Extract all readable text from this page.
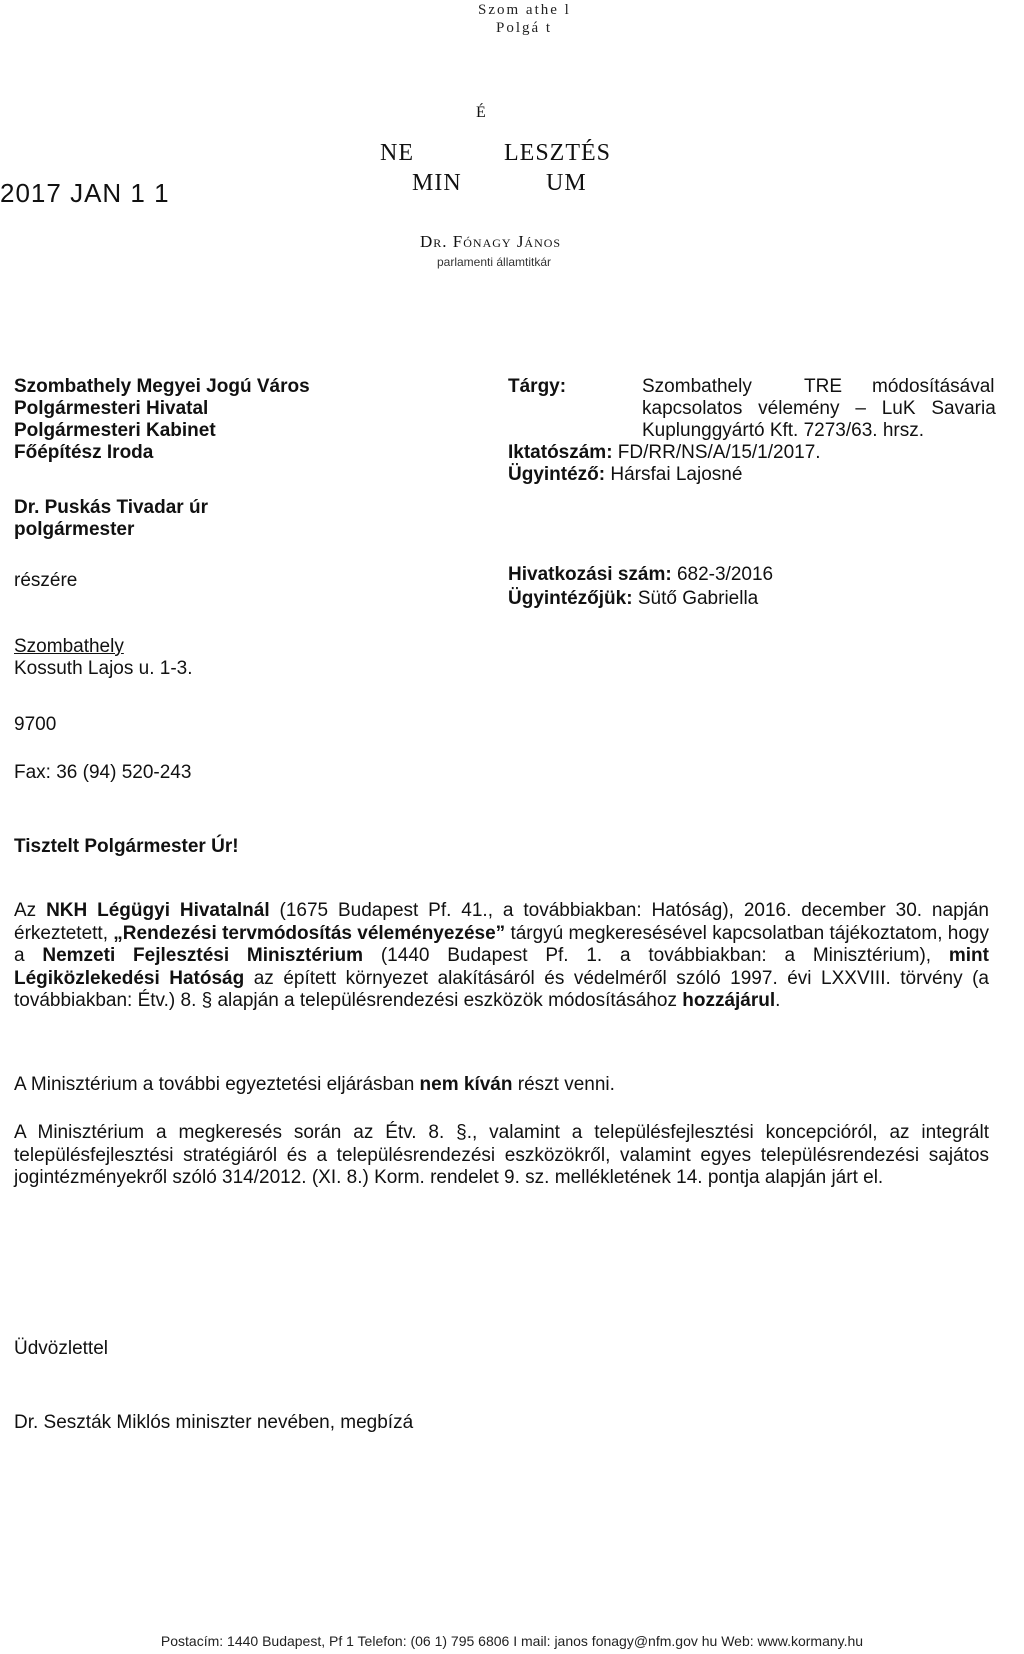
Szom athe l
Polgá t
É
NE	LESZTÉS
MIN	UM
2017 JAN 1 1
Dr. Fónagy János
parlamenti államtitkár
Szombathely Megyei Jogú Város
Polgármesteri Hivatal
Polgármesteri Kabinet
Főépítész Iroda
Dr. Puskás Tivadar úr
polgármester
részére
Szombathely
Kossuth Lajos u. 1-3.
9700
Fax: 36 (94) 520-243
Tárgy:	Szombathely	TRE módosításával
kapcsolatos   vélemény   –   LuK   Savaria
Kuplunggyártó Kft. 7273/63. hrsz.
Iktatószám: FD/RR/NS/A/15/1/2017.
Ügyintéző: Hársfai Lajosné
Hivatkozási szám: 682-3/2016
Ügyintézőjük: Sütő Gabriella
Tisztelt Polgármester Úr!
Az NKH Légügyi Hivatalnál (1675 Budapest Pf. 41., a továbbiakban: Hatóság), 2016. december 30. napján érkeztetett, „Rendezési tervmódosítás véleményezése” tárgyú megkeresésével kapcsolatban tájékoztatom, hogy a Nemzeti Fejlesztési Minisztérium (1440 Budapest Pf. 1. a továbbiakban: a Minisztérium), mint Légiközlekedési Hatóság az épített környezet alakításáról és védelméről szóló 1997. évi LXXVIII. törvény (a továbbiakban: Étv.) 8. § alapján a településrendezési eszközök módosításához hozzájárul.
A Minisztérium a további egyeztetési eljárásban nem kíván részt venni.
A Minisztérium a megkeresés során az Étv. 8. §., valamint a településfejlesztési koncepcióról, az integrált településfejlesztési stratégiáról és a településrendezési eszközökről, valamint egyes településrendezési sajátos jogintézményekről szóló 314/2012. (XI. 8.) Korm. rendelet 9. sz. mellékletének 14. pontja alapján járt el.
Üdvözlettel
Dr. Seszták Miklós miniszter nevében, megbízá
Postacím: 1440 Budapest, Pf 1 Telefon: (06 1) 795 6806 I mail: janos fonagy@nfm.gov hu Web: www.kormany.hu
